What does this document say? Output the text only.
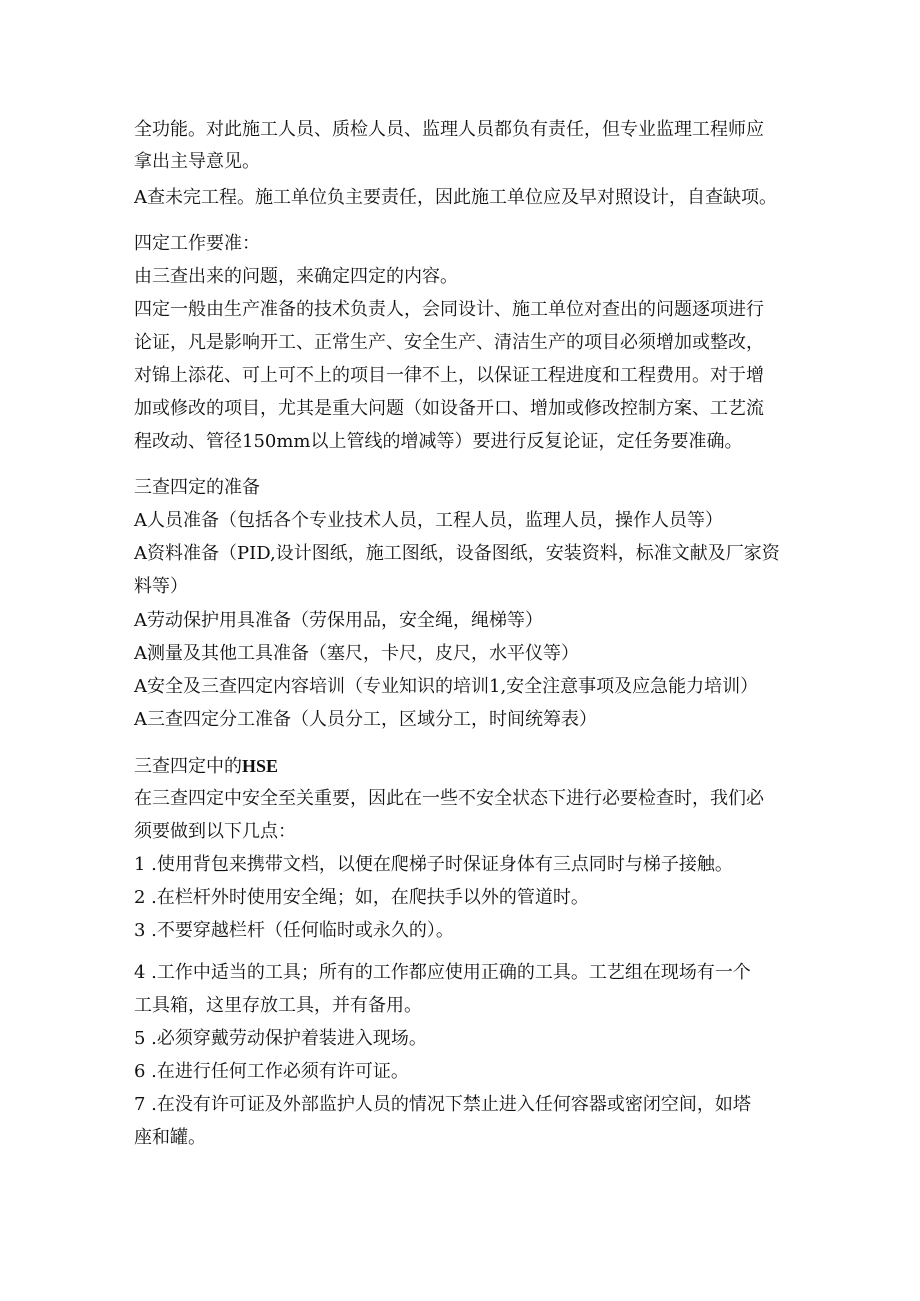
全功能。对此施工人员、质检人员、监理人员都负有责任，但专业监理工程师应
拿出主导意见。
A查未完工程。施工单位负主要责任，因此施工单位应及早对照设计，自查缺项。
四定工作要准：
由三查出来的问题，来确定四定的内容。
四定一般由生产准备的技术负责人，会同设计、施工单位对查出的问题逐项进行
论证，凡是影响开工、正常生产、安全生产、清洁生产的项目必须增加或整改，
对锦上添花、可上可不上的项目一律不上，以保证工程进度和工程费用。对于增
加或修改的项目，尤其是重大问题（如设备开口、增加或修改控制方案、工艺流
程改动、管径150mm以上管线的增减等）要进行反复论证，定任务要准确。
三查四定的准备
A人员准备（包括各个专业技术人员，工程人员，监理人员，操作人员等）
A资料准备（PID,设计图纸，施工图纸，设备图纸，安装资料，标准文献及厂家资
料等）
A劳动保护用具准备（劳保用品，安全绳，绳梯等）
A测量及其他工具准备（塞尺，卡尺，皮尺，水平仪等）
A安全及三查四定内容培训（专业知识的培训1,安全注意事项及应急能力培训）
A三查四定分工准备（人员分工，区域分工，时间统筹表）
三查四定中的HSE
在三查四定中安全至关重要，因此在一些不安全状态下进行必要检查时，我们必
须要做到以下几点：
1 .使用背包来携带文档，以便在爬梯子时保证身体有三点同时与梯子接触。
2 .在栏杆外时使用安全绳；如，在爬扶手以外的管道时。
3 .不要穿越栏杆（任何临时或永久的）。
4 .工作中适当的工具；所有的工作都应使用正确的工具。工艺组在现场有一个
工具箱，这里存放工具，并有备用。
5 .必须穿戴劳动保护着装进入现场。
6 .在进行任何工作必须有许可证。
7 .在没有许可证及外部监护人员的情况下禁止进入任何容器或密闭空间，如塔
座和罐。
